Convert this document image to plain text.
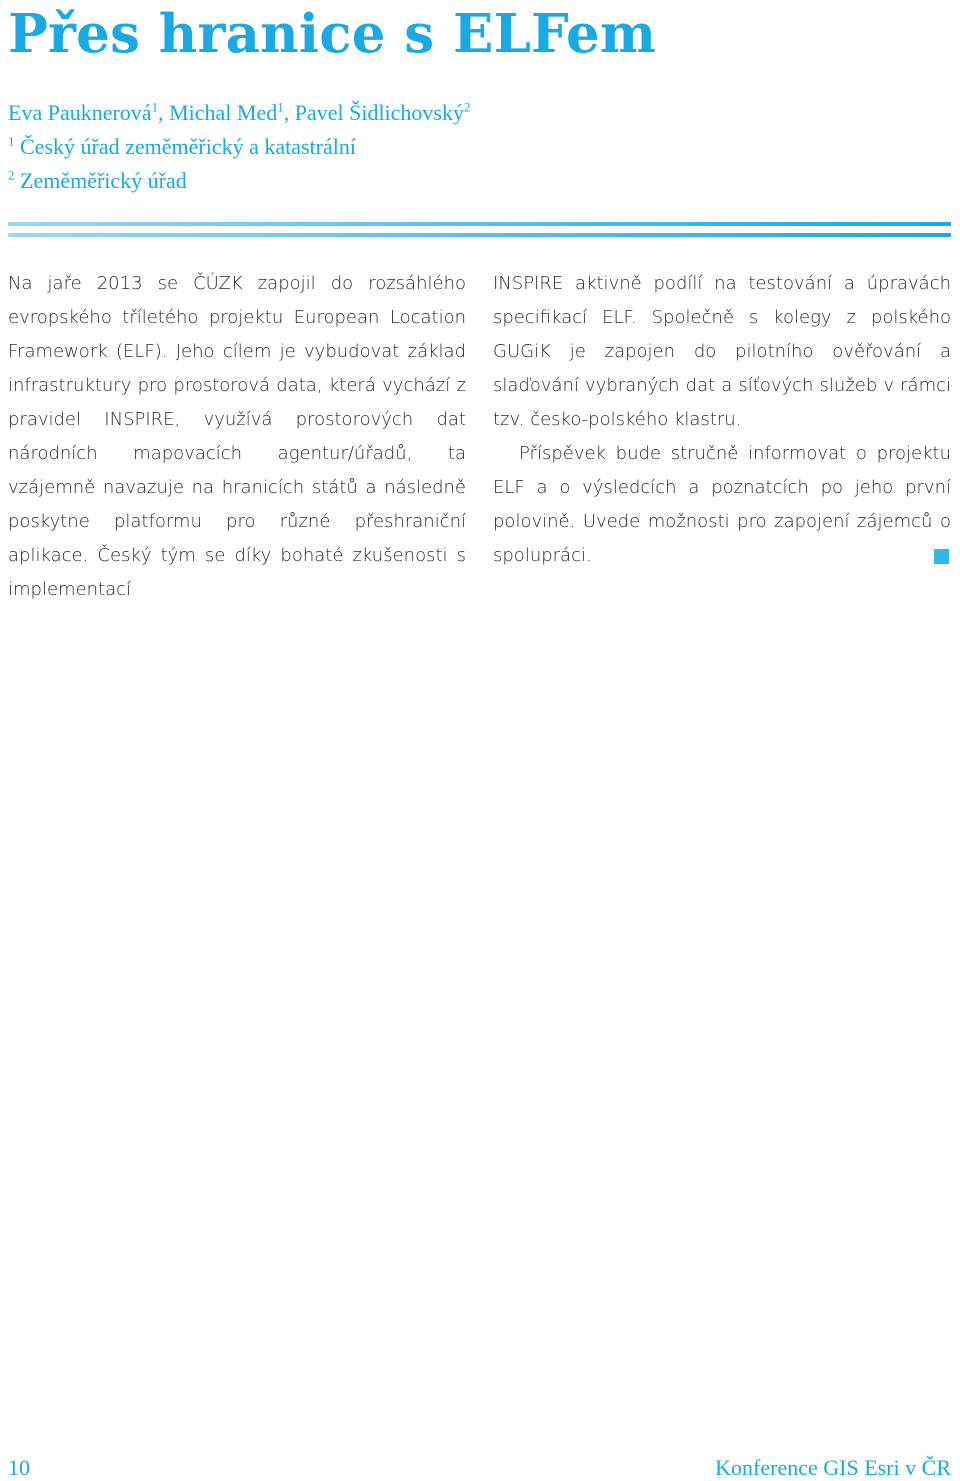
Přes hranice s ELFem
Eva Pauknerová$^1$, Michal Med$^1$, Pavel Šidlichovský$^2$
$^1$ Český úřad zeměměřický a katastrální
$^2$ Zeměměřický úřad

Na jaře 2013 se ČÚZK zapojil do rozsáhlého evropského tříletého projektu European Location Framework (ELF). Jeho cílem je vybudovat základ infrastruktury pro prostorová data, která vychází z pravidel INSPIRE, využívá prostorových dat národních mapovacích agentur/úřadů, ta vzájemně navazuje na hranicích států a následně poskytne platformu pro různé přeshraniční aplikace. Český tým se díky bohaté zkušenosti s implementací

INSPIRE aktivně podílí na testování a úpravách specifikací ELF. Společně s kolegy z polského GUGiK je zapojen do pilotního ověřování a slaďování vybraných dat a síťových služeb v rámci tzv. česko-polského klastru.

Příspěvek bude stručně informovat o projektu ELF a o výsledcích a poznatcích po jeho první polovině. Uvede možnosti pro zapojení zájemců o spolupráci.

10	Konference GIS Esri v ČR
